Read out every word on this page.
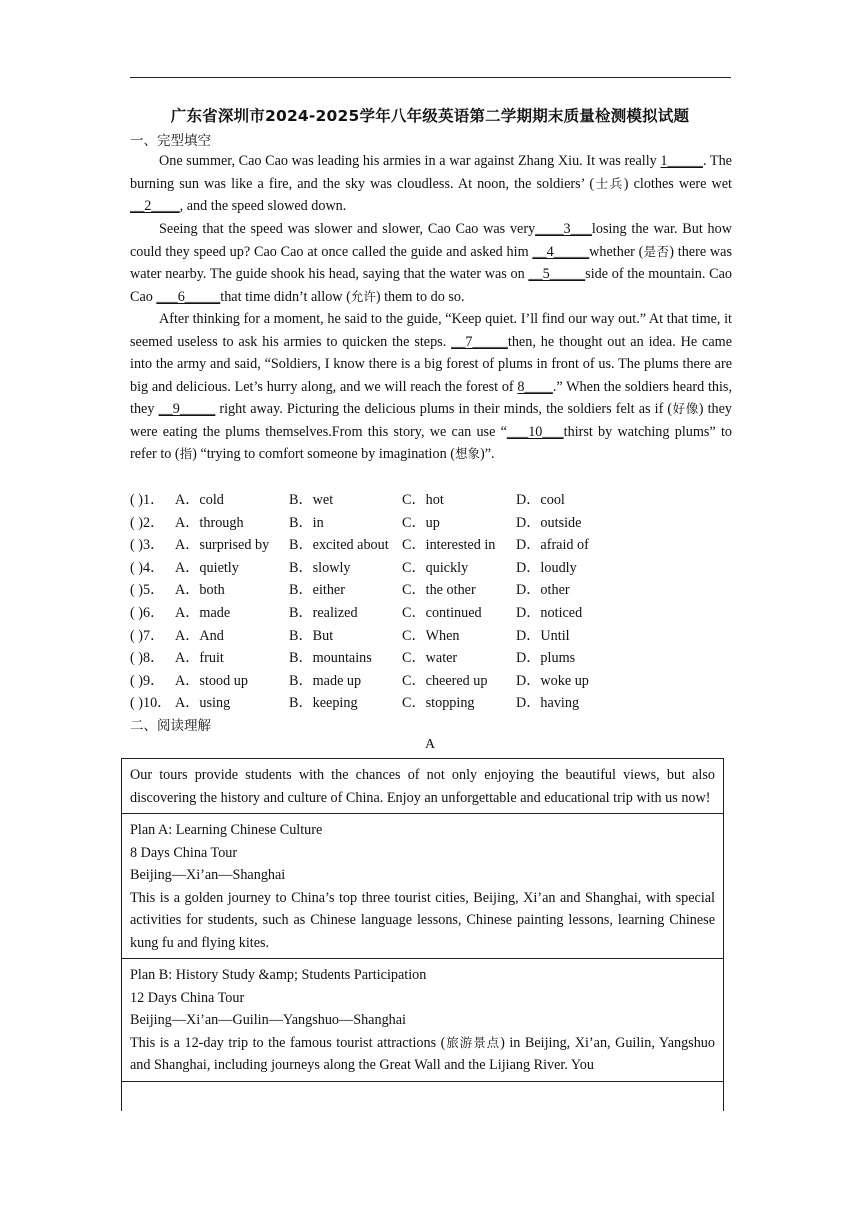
广东省深圳市2024-2025学年八年级英语第二学期期末质量检测模拟试题
一、完型填空

One summer, Cao Cao was leading his armies in a war against Zhang Xiu. It was really 1_____. The burning sun was like a fire, and the sky was cloudless. At noon, the soldiers’ (士兵) clothes were wet __2____, and the speed slowed down.

Seeing that the speed was slower and slower, Cao Cao was very____3___losing the war. But how could they speed up? Cao Cao at once called the guide and asked him __4_____whether (是否) there was water nearby. The guide shook his head, saying that the water was on __5_____side of the mountain. Cao Cao ___6_____that time didn’t allow (允许) them to do so.

After thinking for a moment, he said to the guide, “Keep quiet. I’ll find our way out.” At that time, it seemed useless to ask his armies to quicken the steps. __7_____then, he thought out an idea. He came into the army and said, “Soldiers, I know there is a big forest of plums in front of us. The plums there are big and delicious. Let’s hurry along, and we will reach the forest of 8____.” When the soldiers heard this, they __9_____ right away. Picturing the delicious plums in their minds, the soldiers felt as if (好像) they were eating the plums themselves.From this story, we can use “___10___thirst by watching plums” to refer to (指) “trying to comfort someone by imagination (想象)”.

( )1． A．cold	B．wet	C．hot	D．cool
( )2． A．through	B．in	C．up	D．outside
( )3． A．surprised by B．excited about C．interested in D．afraid of
( )4． A．quietly	B．slowly	C．quickly	D．loudly
( )5． A．both	B．either	C．the other	D．other
( )6． A．made	B．realized	C．continued D．noticed
( )7． A．And	B．But	C．When	D．Until
( )8． A．fruit	B．mountains C．water	D．plums
( )9． A．stood up	B．made up	C．cheered up D．woke up
( )10． A．using	B．keeping	C．stopping	D．having
二、阅读理解
A

Our tours provide students with the chances of not only enjoying the beautiful views, but also discovering the history and culture of China. Enjoy an unforgettable and educational trip with us now!

Plan A: Learning Chinese Culture

8 Days China Tour

Beijing—Xi’an—Shanghai

This is a golden journey to China’s top three tourist cities, Beijing, Xi’an and Shanghai, with special activities for students, such as Chinese language lessons, Chinese painting lessons, learning Chinese kung fu and flying kites.

Plan B: History Study &amp; Students Participation

12 Days China Tour

Beijing—Xi’an—Guilin—Yangshuo—Shanghai

This is a 12-day trip to the famous tourist attractions (旅游景点) in Beijing, Xi’an, Guilin, Yangshuo and Shanghai, including journeys along the Great Wall and the Lijiang River. You
